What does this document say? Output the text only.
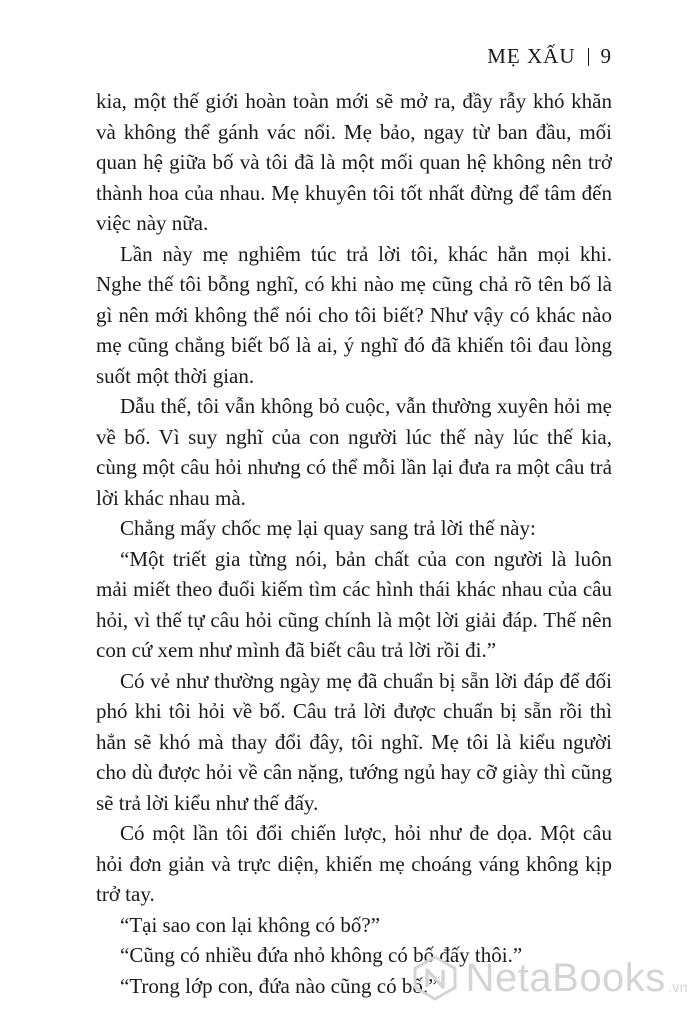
MẸ XẤU 9

kia, một thế giới hoàn toàn mới sẽ mở ra, đầy rẫy khó khăn và không thể gánh vác nổi. Mẹ bảo, ngay từ ban đầu, mối quan hệ giữa bố và tôi đã là một mối quan hệ không nên trở thành hoa của nhau. Mẹ khuyên tôi tốt nhất đừng để tâm đến việc này nữa.

Lần này mẹ nghiêm túc trả lời tôi, khác hẳn mọi khi. Nghe thế tôi bỗng nghĩ, có khi nào mẹ cũng chả rõ tên bố là gì nên mới không thể nói cho tôi biết? Như vậy có khác nào mẹ cũng chẳng biết bố là ai, ý nghĩ đó đã khiến tôi đau lòng suốt một thời gian.

Dẫu thế, tôi vẫn không bỏ cuộc, vẫn thường xuyên hỏi mẹ về bố. Vì suy nghĩ của con người lúc thế này lúc thế kia, cùng một câu hỏi nhưng có thể mỗi lần lại đưa ra một câu trả lời khác nhau mà.

Chẳng mấy chốc mẹ lại quay sang trả lời thế này:

“Một triết gia từng nói, bản chất của con người là luôn mải miết theo đuổi kiếm tìm các hình thái khác nhau của câu hỏi, vì thế tự câu hỏi cũng chính là một lời giải đáp. Thế nên con cứ xem như mình đã biết câu trả lời rồi đi.”

Có vẻ như thường ngày mẹ đã chuẩn bị sẵn lời đáp để đối phó khi tôi hỏi về bố. Câu trả lời được chuẩn bị sẵn rồi thì hẳn sẽ khó mà thay đổi đây, tôi nghĩ. Mẹ tôi là kiểu người cho dù được hỏi về cân nặng, tướng ngủ hay cỡ giày thì cũng sẽ trả lời kiểu như thế đấy.

Có một lần tôi đổi chiến lược, hỏi như đe dọa. Một câu hỏi đơn giản và trực diện, khiến mẹ choáng váng không kịp trở tay.

“Tại sao con lại không có bố?”

“Cũng có nhiều đứa nhỏ không có bố đấy thôi.”

“Trong lớp con, đứa nào cũng có bố.” NetaBooks .vn
